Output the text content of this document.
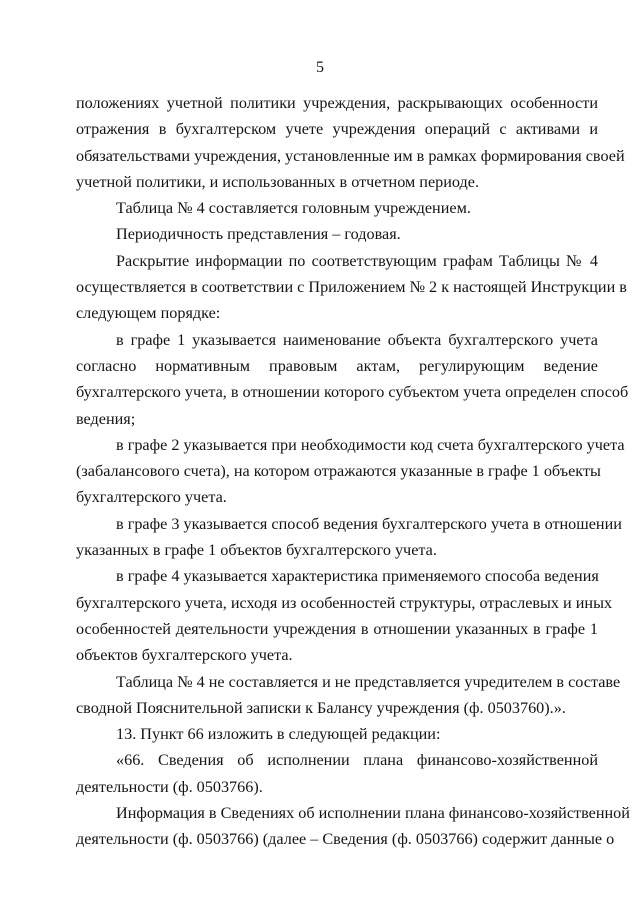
5
положениях учетной политики учреждения, раскрывающих особенности
отражения в бухгалтерском учете учреждения операций с активами и
обязательствами учреждения, установленные им в рамках формирования своей
учетной политики, и использованных в отчетном периоде.
Таблица № 4 составляется головным учреждением.
Периодичность представления – годовая.
Раскрытие информации по соответствующим графам Таблицы № 4
осуществляется в соответствии с Приложением № 2 к настоящей Инструкции в
следующем порядке:
в графе 1 указывается наименование объекта бухгалтерского учета
согласно нормативным правовым актам, регулирующим ведение
бухгалтерского учета, в отношении которого субъектом учета определен способ
ведения;
в графе 2 указывается при необходимости код счета бухгалтерского учета
(забалансового счета), на котором отражаются указанные в графе 1 объекты
бухгалтерского учета.
в графе 3 указывается способ ведения бухгалтерского учета в отношении
указанных в графе 1 объектов бухгалтерского учета.
в графе 4 указывается характеристика применяемого способа ведения
бухгалтерского учета, исходя из особенностей структуры, отраслевых и иных
особенностей деятельности учреждения в отношении указанных в графе 1
объектов бухгалтерского учета.
Таблица № 4 не составляется и не представляется учредителем в составе
сводной Пояснительной записки к Балансу учреждения (ф. 0503760).».
13. Пункт 66 изложить в следующей редакции:
«66. Сведения об исполнении плана финансово-хозяйственной
деятельности (ф. 0503766).
Информация в Сведениях об исполнении плана финансово-хозяйственной
деятельности (ф. 0503766) (далее – Сведения (ф. 0503766) содержит данные о
